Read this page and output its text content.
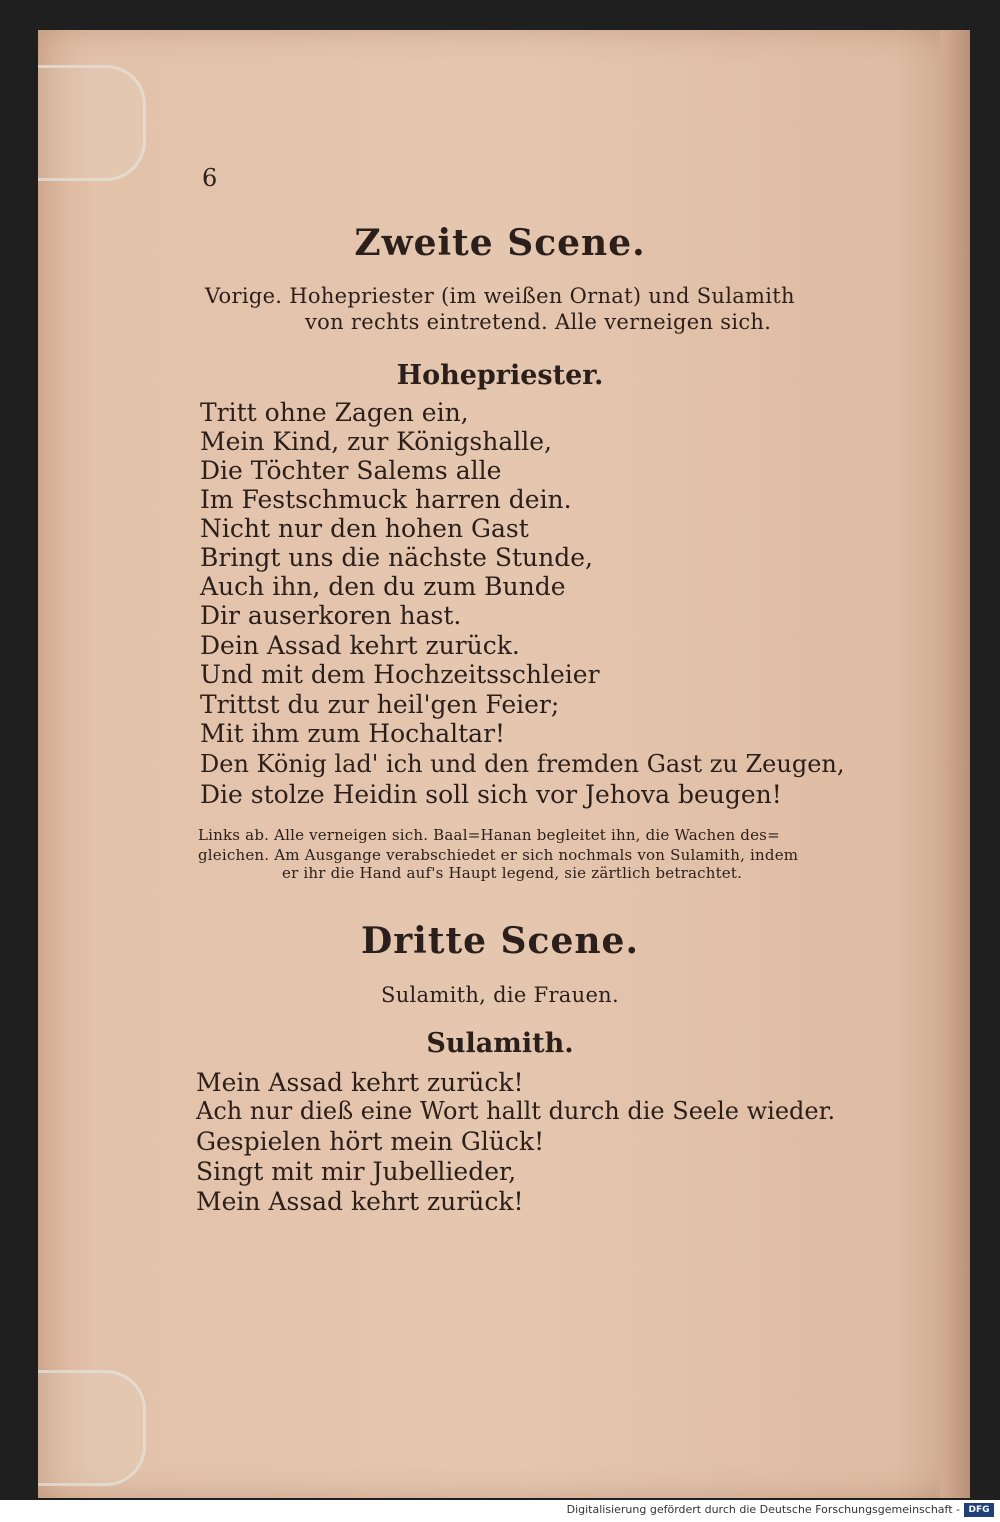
6
Zweite Scene.
Vorige. Hohepriester (im weißen Ornat) und Sulamith
von rechts eintretend. Alle verneigen sich.
Hohepriester.
Tritt ohne Zagen ein,
Mein Kind, zur Königshalle,
Die Töchter Salems alle
Im Festschmuck harren dein.
Nicht nur den hohen Gast
Bringt uns die nächste Stunde,
Auch ihn, den du zum Bunde
Dir auserkoren hast.
Dein Assad kehrt zurück.
Und mit dem Hochzeitsschleier
Trittst du zur heil'gen Feier;
Mit ihm zum Hochaltar!
Den König lad' ich und den fremden Gast zu Zeugen,
Die stolze Heidin soll sich vor Jehova beugen!
Links ab. Alle verneigen sich. Baal=Hanan begleitet ihn, die Wachen des=
gleichen. Am Ausgange verabschiedet er sich nochmals von Sulamith, indem
er ihr die Hand auf's Haupt legend, sie zärtlich betrachtet.
Dritte Scene.
Sulamith, die Frauen.
Sulamith.
Mein Assad kehrt zurück!
Ach nur dieß eine Wort hallt durch die Seele wieder.
Gespielen hört mein Glück!
Singt mit mir Jubellieder,
Mein Assad kehrt zurück!
Digitalisierung gefördert durch die Deutsche Forschungsgemeinschaft - DFG
